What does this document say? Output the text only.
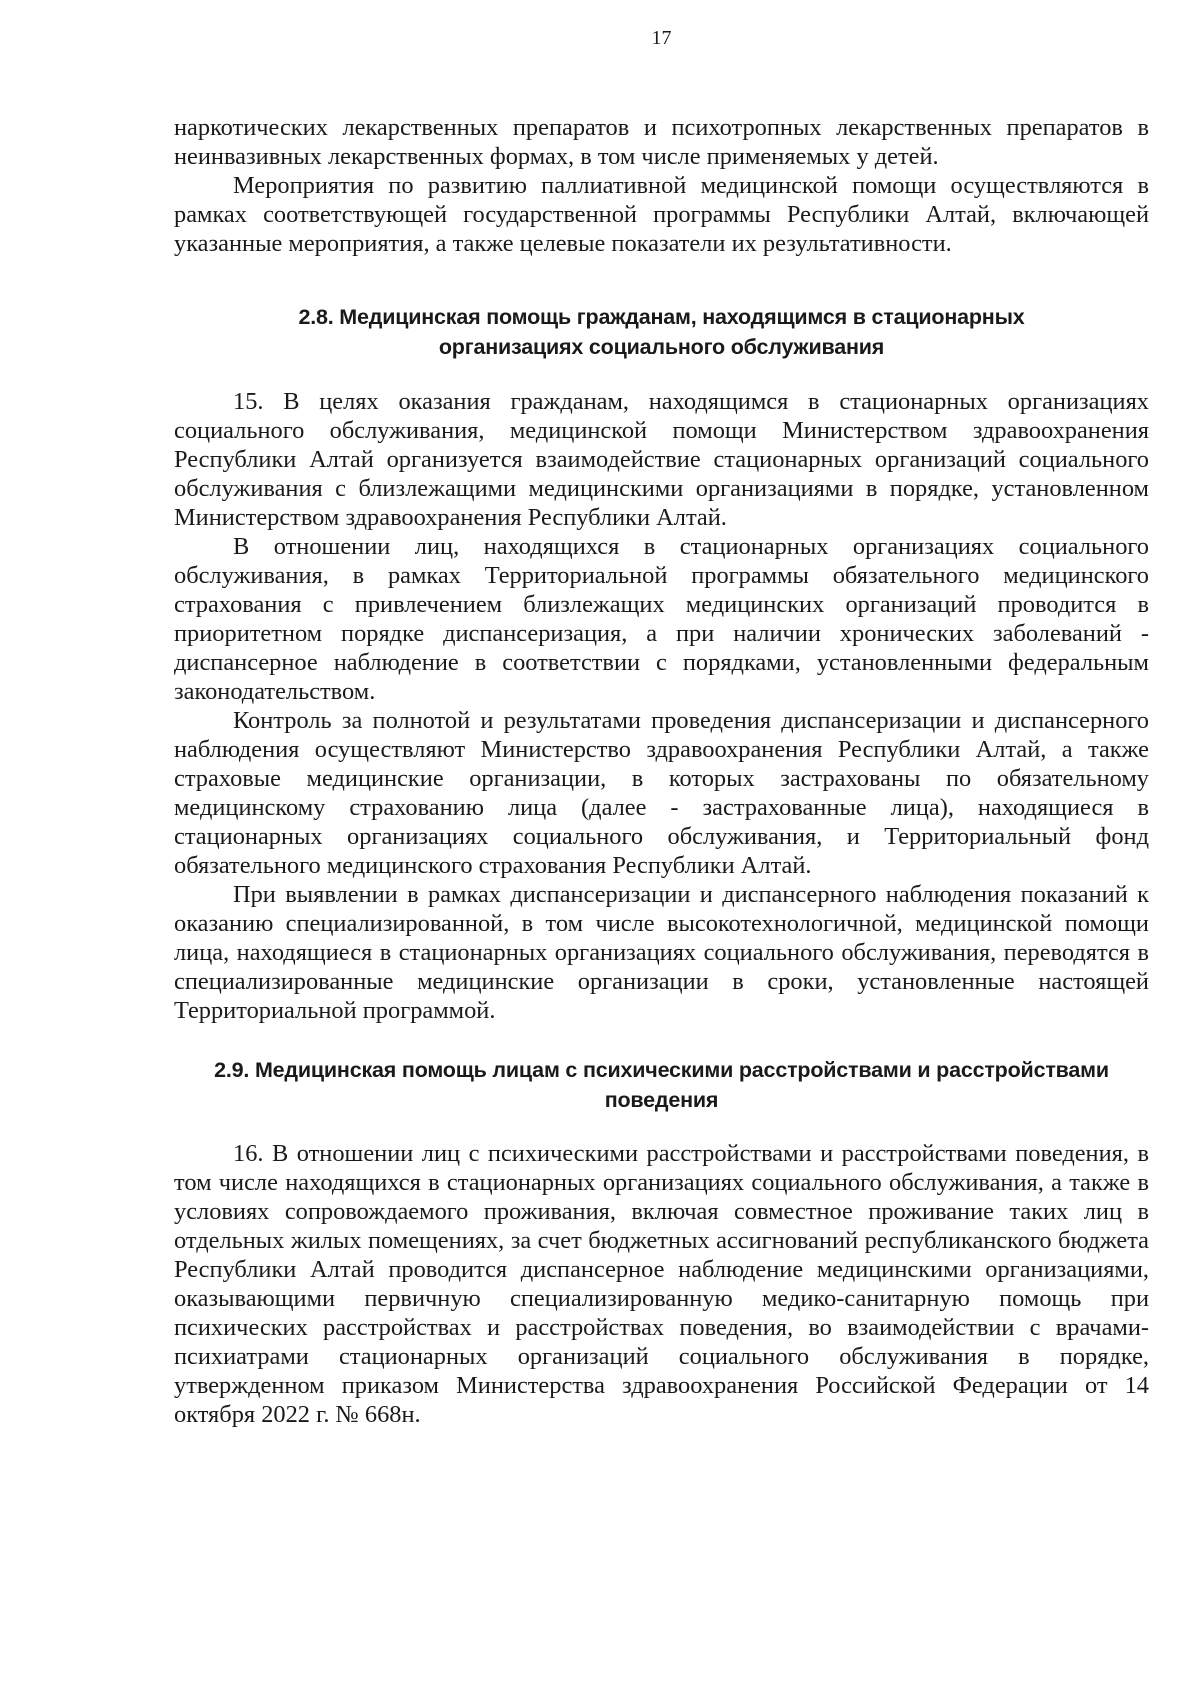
17

наркотических лекарственных препаратов и психотропных лекарственных препаратов в неинвазивных лекарственных формах, в том числе применяемых у детей.

Мероприятия по развитию паллиативной медицинской помощи осуществляются в рамках соответствующей государственной программы Республики Алтай, включающей указанные мероприятия, а также целевые показатели их результативности.

2.8. Медицинская помощь гражданам, находящимся в стационарных
организациях социального обслуживания

15. В целях оказания гражданам, находящимся в стационарных организациях социального обслуживания, медицинской помощи Министерством здравоохранения Республики Алтай организуется взаимодействие стационарных организаций социального обслуживания с близлежащими медицинскими организациями в порядке, установленном Министерством здравоохранения Республики Алтай.

В отношении лиц, находящихся в стационарных организациях социального обслуживания, в рамках Территориальной программы обязательного медицинского страхования с привлечением близлежащих медицинских организаций проводится в приоритетном порядке диспансеризация, а при наличии хронических заболеваний - диспансерное наблюдение в соответствии с порядками, установленными федеральным законодательством.

Контроль за полнотой и результатами проведения диспансеризации и диспансерного наблюдения осуществляют Министерство здравоохранения Республики Алтай, а также страховые медицинские организации, в которых застрахованы по обязательному медицинскому страхованию лица (далее - застрахованные лица), находящиеся в стационарных организациях социального обслуживания, и Территориальный фонд обязательного медицинского страхования Республики Алтай.

При выявлении в рамках диспансеризации и диспансерного наблюдения показаний к оказанию специализированной, в том числе высокотехнологичной, медицинской помощи лица, находящиеся в стационарных организациях социального обслуживания, переводятся в специализированные медицинские организации в сроки, установленные настоящей Территориальной программой.

2.9. Медицинская помощь лицам с психическими расстройствами и расстройствами
поведения

16. В отношении лиц с психическими расстройствами и расстройствами поведения, в том числе находящихся в стационарных организациях социального обслуживания, а также в условиях сопровождаемого проживания, включая совместное проживание таких лиц в отдельных жилых помещениях, за счет бюджетных ассигнований республиканского бюджета Республики Алтай проводится диспансерное наблюдение медицинскими организациями, оказывающими первичную специализированную медико-санитарную помощь при психических расстройствах и расстройствах поведения, во взаимодействии с врачами-психиатрами стационарных организаций социального обслуживания в порядке, утвержденном приказом Министерства здравоохранения Российской Федерации от 14 октября 2022 г. № 668н.
